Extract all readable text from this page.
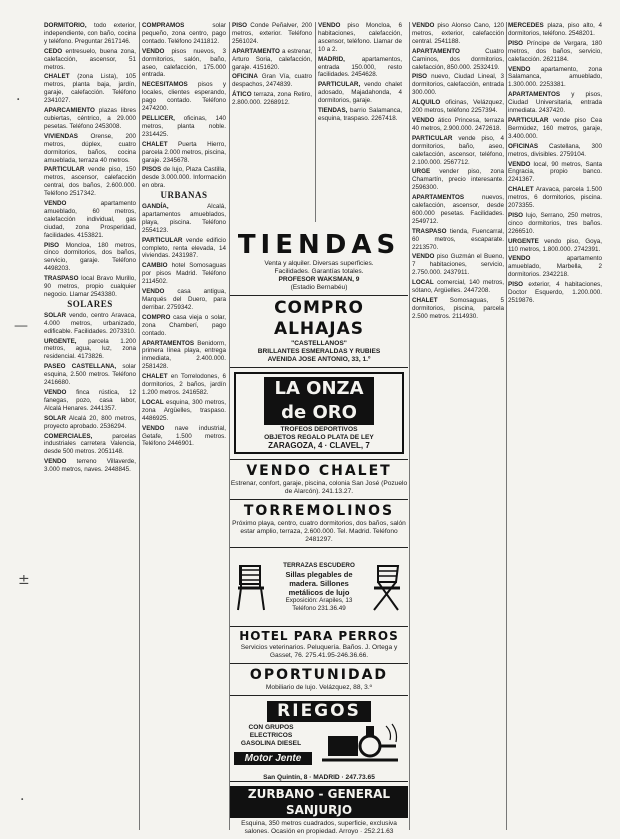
·
—
±
·

DORMITORIO, todo exterior, independiente, con baño, cocina y teléfono. Preguntar 2617146.

CEDO entresuelo, buena zona, calefacción, ascensor, 51 metros.

CHALET (zona Lista), 105 metros, planta baja, jardín, garaje, calefacción. Teléfono 2341027.

APARCAMIENTO plazas libres cubiertas, céntrico, a 29.000 pesetas. Teléfono 2453008.

VIVIENDAS Orense, 200 metros, dúplex, cuatro dormitorios, baños, cocina amueblada, terraza 40 metros.

PARTICULAR vende piso, 150 metros, ascensor, calefacción central, dos baños, 2.600.000. Teléfono 2517342.

VENDO	apartamento amueblado, 60 metros, calefacción individual, gas ciudad, zona Prosperidad, facilidades. 4153821.

PISO Moncloa, 180 metros, cinco dormitorios, dos baños, servicio, garaje. Teléfono 4498203.

TRASPASO local Bravo Murillo, 90 metros, propio cualquier negocio. Llamar 2543380.

SOLARES

SOLAR vendo, centro Aravaca, 4.000 metros, urbanizado, edificable. Facilidades. 2073310.

URGENTE, parcela 1.200 metros, agua, luz, zona residencial. 4173826.

PASEO CASTELLANA, solar esquina, 2.500 metros. Teléfono 2416680.

VENDO finca rústica, 12 fanegas, pozo, casa labor, Alcalá Henares. 2441357.

SOLAR Alcalá 20, 800 metros, proyecto aprobado. 2536294.

COMERCIALES,	parcelas industriales carretera Valencia, desde 500 metros. 2051148.

VENDO terreno Villaverde, 3.000 metros, naves. 2448845.

COMPRAMOS	solar pequeño, zona centro, pago contado. Teléfono 2411812.

VENDO pisos nuevos, 3 dormitorios, salón, baño, aseo, calefacción, 175.000 entrada.

NECESITAMOS pisos y locales, clientes esperando, pago contado. Teléfono 2474200.

PELLICER, oficinas, 140 metros, planta noble. 2314425.

CHALET Puerta Hierro, parcela 2.000 metros, piscina, garaje. 2345678.

PISOS de lujo, Plaza Castilla, desde 3.000.000. Información en obra.

URBANAS

GANDÍA,	Alcalá, apartamentos amueblados, playa, piscina. Teléfono 2554123.

PARTICULAR vende edificio completo, renta elevada, 14 viviendas. 2431987.

CAMBIO hotel Somosaguas por pisos Madrid. Teléfono 2114502.

VENDO casa antigua, Marqués del Duero, para derribar. 2759342.

COMPRO casa vieja o solar, zona Chamberí, pago contado.

APARTAMENTOS Benidorm, primera línea playa, entrega inmediata, 2.400.000. 2581428.

CHALET en Torrelodones, 6 dormitorios, 2 baños, jardín 1.200 metros. 2416582.

LOCAL esquina, 300 metros, zona Argüelles, traspaso. 4486925.

VENDO nave industrial, Getafe, 1.500 metros. Teléfono 2446901.

PISO Conde Peñalver, 200 metros, exterior. Teléfono 2561024.

APARTAMENTO a estrenar, Arturo Soria, calefacción, garaje. 4151620.

OFICINA Gran Vía, cuatro despachos, 2474839.

ÁTICO terraza, zona Retiro, 2.800.000. 2268912.

VENDO piso Moncloa, 6 habitaciones, calefacción, ascensor, teléfono. Llamar de 10 a 2.

MADRID,	apartamentos, entrada 150.000, resto facilidades. 2454628.

PARTICULAR, vendo chalet adosado, Majadahonda, 4 dormitorios, garaje.

TIENDAS, barrio Salamanca, esquina, traspaso. 2267418.

TIENDAS
Venta y alquiler. Diversas superficies.
Facilidades. Garantías totales.
PROFESOR WAKSMAN, 9
(Estadio Bernabéu)
COMPRO ALHAJAS
"CASTELLANOS"
BRILLANTES ESMERALDAS Y RUBIES
AVENIDA JOSE ANTONIO, 33, 1.º
LA ONZA de ORO
TROFEOS DEPORTIVOS
OBJETOS REGALO PLATA DE LEY
ZARAGOZA, 4 · CLAVEL, 7
VENDO CHALET
Estrenar, confort, garaje, piscina, colonia San José (Pozuelo de Alarcón). 241.13.27.
TORREMOLINOS
Próximo playa, centro, cuatro dormitorios, dos baños, salón estar amplio, terraza, 2.600.000. Tel. Madrid. Teléfono 2481297.
TERRAZAS ESCUDERO
Sillas plegables de madera. Sillones metálicos de lujo
Exposición: Arapiles, 13
Teléfono 231.36.49
HOTEL PARA PERROS
Servicios veterinarios. Peluquería. Baños. J. Ortega y Gasset, 76. 275.41.95-246.36.66.
OPORTUNIDAD
Mobiliario de lujo. Velázquez, 88, 3.º
RIEGOS
CON GRUPOS
ELECTRICOS
GASOLINA DIESEL
Motor Jente
San Quintín, 8 · MADRID · 247.73.65
ZURBANO - GENERAL SANJURJO
Esquina, 350 metros cuadrados, superficie, exclusiva salones. Ocasión en propiedad. Arroyo · 252.21.63

VENDO piso Alonso Cano, 120 metros, exterior, calefacción central. 2541188.

APARTAMENTO	Cuatro Caminos, dos dormitorios, calefacción, 850.000. 2532419.

PISO nuevo, Ciudad Lineal, 3 dormitorios, calefacción, entrada 300.000.

ALQUILO oficinas, Velázquez, 200 metros, teléfono 2257394.

VENDO ático Princesa, terraza 40 metros, 2.900.000. 2472618.

PARTICULAR vende piso, 4 dormitorios, baño, aseo, calefacción, ascensor, teléfono, 2.100.000. 2567712.

URGE vender piso, zona Chamartín, precio interesante. 2596300.

APARTAMENTOS	nuevos, calefacción, ascensor, desde 600.000 pesetas. Facilidades. 2549712.

TRASPASO tienda, Fuencarral, 60 metros, escaparate. 2213570.

VENDO piso Guzmán el Bueno, 7 habitaciones, servicio, 2.750.000. 2437911.

LOCAL comercial, 140 metros, sótano, Argüelles. 2447208.

CHALET Somosaguas, 5 dormitorios, piscina, parcela 2.500 metros. 2114930.

MERCEDES plaza, piso alto, 4 dormitorios, teléfono. 2548201.

PISO Príncipe de Vergara, 180 metros, dos baños, servicio, calefacción. 2621184.

VENDO apartamento, zona Salamanca, amueblado, 1.300.000. 2253381.

APARTAMENTOS y pisos, Ciudad Universitaria, entrada inmediata. 2437420.

PARTICULAR vende piso Cea Bermúdez, 160 metros, garaje, 3.400.000.

OFICINAS Castellana, 300 metros, divisibles. 2759104.

VENDO local, 90 metros, Santa Engracia, propio banco. 2241367.

CHALET Aravaca, parcela 1.500 metros, 6 dormitorios, piscina. 2073355.

PISO lujo, Serrano, 250 metros, cinco dormitorios, tres baños. 2266510.

URGENTE vendo piso, Goya, 110 metros, 1.800.000. 2742391.

VENDO	apartamento amueblado, Marbella, 2 dormitorios. 2342218.

PISO exterior, 4 habitaciones, Doctor Esquerdo, 1.200.000. 2519876.
